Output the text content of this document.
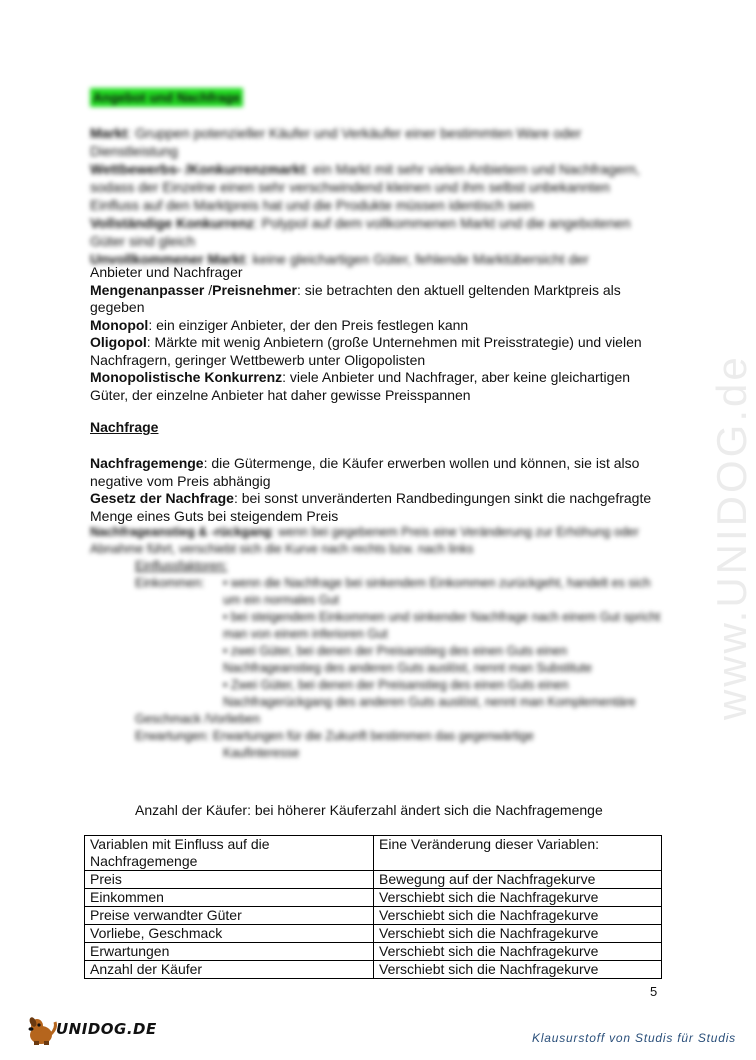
www.UNIDOG.de
Angebot und Nachfrage
Markt: Gruppen potenzieller Käufer und Verkäufer einer bestimmten Ware oder Dienstleistung
Wettbewerbs- /Konkurrenzmarkt: ein Markt mit sehr vielen Anbietern und Nachfragern, sodass der Einzelne einen sehr verschwindend kleinen und ihm selbst unbekannten Einfluss auf den Marktpreis hat und die Produkte müssen identisch sein
Vollständige Konkurrenz: Polypol auf dem vollkommenen Markt und die angebotenen Güter sind gleich
Unvollkommener Markt: keine gleichartigen Güter, fehlende Marktübersicht der

Anbieter und Nachfrager

Mengenanpasser /Preisnehmer: sie betrachten den aktuell geltenden Marktpreis als gegeben

Monopol: ein einziger Anbieter, der den Preis festlegen kann

Oligopol: Märkte mit wenig Anbietern (große Unternehmen mit Preisstrategie) und vielen Nachfragern, geringer Wettbewerb unter Oligopolisten

Monopolistische Konkurrenz: viele Anbieter und Nachfrager, aber keine gleichartigen Güter, der einzelne Anbieter hat daher gewisse Preisspannen

Nachfrage

Nachfragemenge: die Gütermenge, die Käufer erwerben wollen und können, sie ist also negative vom Preis abhängig

Gesetz der Nachfrage: bei sonst unveränderten Randbedingungen sinkt die nachgefragte Menge eines Guts bei steigendem Preis

Nachfrageanstieg & -rückgang: wenn bei gegebenem Preis eine Veränderung zur Erhöhung oder Abnahme führt, verschiebt sich die Kurve nach rechts bzw. nach links

Einflussfaktoren:

Einkommen:	• wenn die Nachfrage bei sinkendem Einkommen zurückgeht, handelt es sich um ein normales Gut

• bei steigendem Einkommen und sinkender Nachfrage nach einem Gut spricht man von einem inferioren Gut

• zwei Güter, bei denen der Preisanstieg des einen Guts einen Nachfrageanstieg des anderen Guts auslöst, nennt man Substitute

• Zwei Güter, bei denen der Preisanstieg des einen Guts einen Nachfragerückgang des anderen Guts auslöst, nennt man Komplementäre

Geschmack /Vorlieben

Erwartungen: Erwartungen für die Zukunft bestimmen das gegenwärtige

Kaufinteresse

Anzahl der Käufer: bei höherer Käuferzahl ändert sich die Nachfragemenge
Variablen mit Einfluss auf die Nachfragemenge	Eine Veränderung dieser Variablen:
Preis	Bewegung auf der Nachfragekurve
Einkommen	Verschiebt sich die Nachfragekurve
Preise verwandter Güter	Verschiebt sich die Nachfragekurve
Vorliebe, Geschmack	Verschiebt sich die Nachfragekurve
Erwartungen	Verschiebt sich die Nachfragekurve
Anzahl der Käufer	Verschiebt sich die Nachfragekurve
5
UNIDOG.DE	Klausurstoff von Studis für Studis
